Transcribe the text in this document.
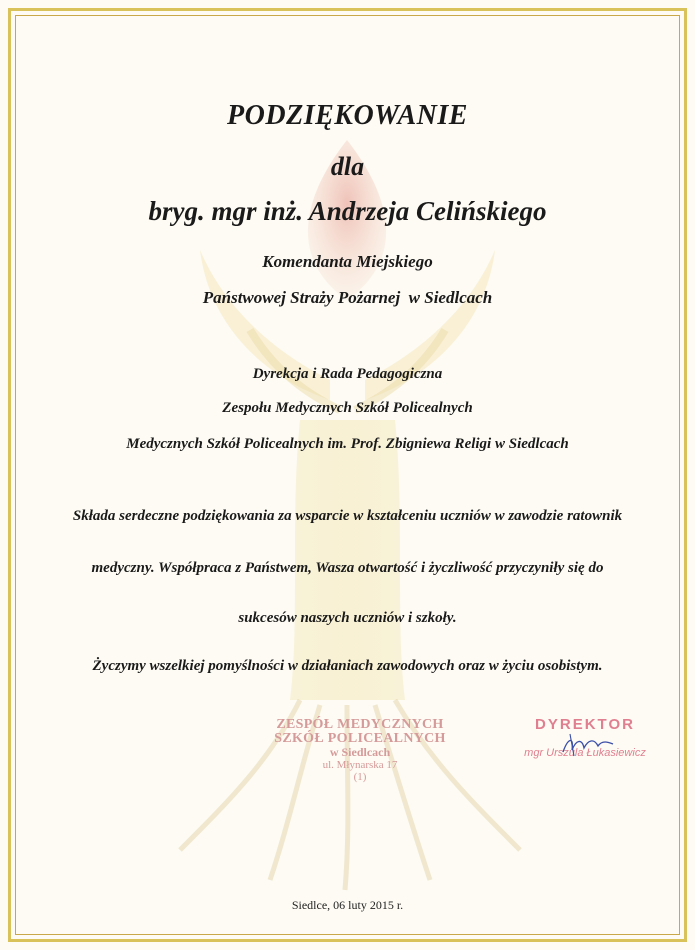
PODZIĘKOWANIE
dla
bryg. mgr inż. Andrzeja Celińskiego
Komendanta Miejskiego
Państwowej Straży Pożarnej  w Siedlcach
Dyrekcja i Rada Pedagogiczna
Zespołu Medycznych Szkół Policealnych
Medycznych Szkół Policealnych im. Prof. Zbigniewa Religi w Siedlcach
Składa serdeczne podziękowania za wsparcie w kształceniu uczniów w zawodzie ratownik
medyczny. Współpraca z Państwem, Wasza otwartość i życzliwość przyczyniły się do
sukcesów naszych uczniów i szkoły.
Życzymy wszelkiej pomyślności w działaniach zawodowych oraz w życiu osobistym.
ZESPÓŁ MEDYCZNYCH
SZKÓŁ POLICEALNYCH
w Siedlcach
ul. Młynarska 17
(1)
DYREKTOR
mgr Urszula Łukasiewicz
Siedlce, 06 luty 2015 r.
